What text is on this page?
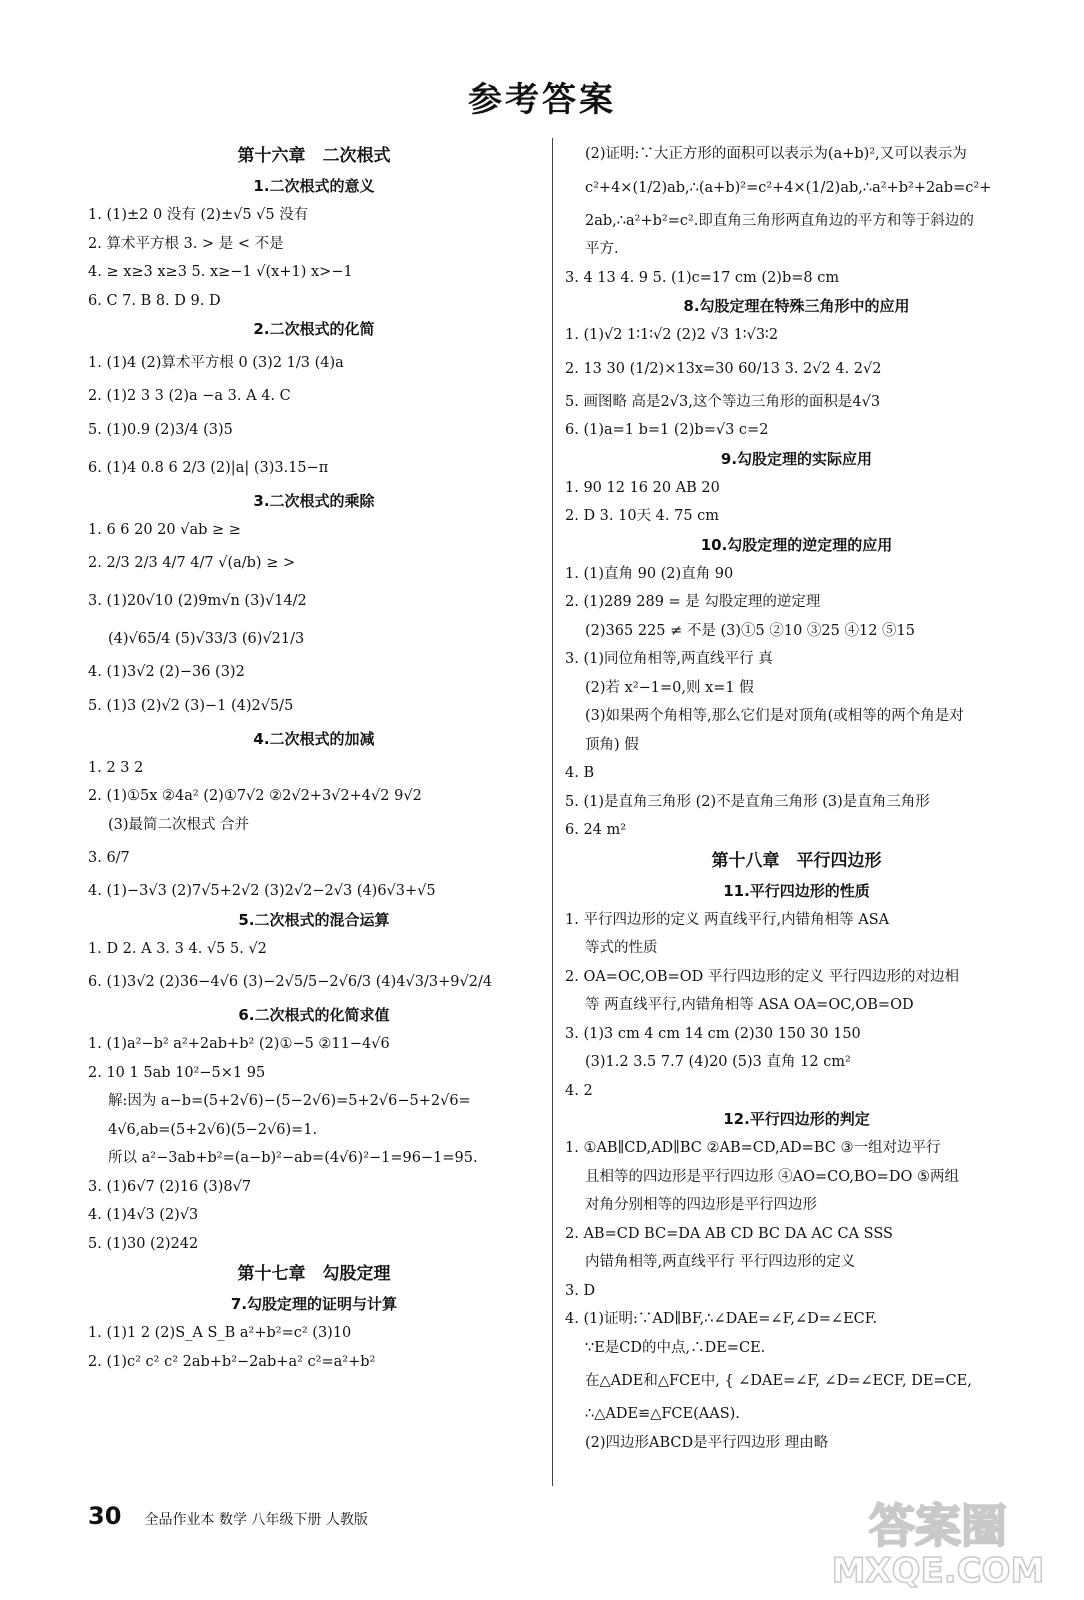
参考答案
第十六章　二次根式
1.二次根式的意义
1. (1)±2 0 没有 (2)±√5 √5 没有
2. 算术平方根 3. > 是 < 不是
4. ≥ x≥3 x≥3 5. x≥−1 √(x+1) x>−1
6. C 7. B 8. D 9. D
2.二次根式的化简
1. (1)4 (2)算术平方根 0 (3)2 1/3 (4)a
2. (1)2 3 3 (2)a −a 3. A 4. C
5. (1)0.9 (2)3/4 (3)5
6. (1)4 0.8 6 2/3 (2)|a| (3)3.15−π
3.二次根式的乘除
1. 6 6 20 20 √ab ≥ ≥
2. 2/3 2/3 4/7 4/7 √(a/b) ≥ >
3. (1)20√10 (2)9m√n (3)√14/2
(4)√65/4 (5)√33/3 (6)√21/3
4. (1)3√2 (2)−36 (3)2
5. (1)3 (2)√2 (3)−1 (4)2√5/5
4.二次根式的加减
1. 2 3 2
2. (1)①5x ②4a² (2)①7√2 ②2√2+3√2+4√2 9√2
(3)最简二次根式 合并
3. 6/7
4. (1)−3√3 (2)7√5+2√2 (3)2√2−2√3 (4)6√3+√5
5.二次根式的混合运算
1. D 2. A 3. 3 4. √5 5. √2
6. (1)3√2 (2)36−4√6 (3)−2√5/5−2√6/3 (4)4√3/3+9√2/4
6.二次根式的化简求值
1. (1)a²−b² a²+2ab+b² (2)①−5 ②11−4√6
2. 10 1 5ab 10²−5×1 95
解:因为 a−b=(5+2√6)−(5−2√6)=5+2√6−5+2√6=
4√6,ab=(5+2√6)(5−2√6)=1.
所以 a²−3ab+b²=(a−b)²−ab=(4√6)²−1=96−1=95.
3. (1)6√7 (2)16 (3)8√7
4. (1)4√3 (2)√3
5. (1)30 (2)242
第十七章　勾股定理
7.勾股定理的证明与计算
1. (1)1 2 (2)S_A S_B a²+b²=c² (3)10
2. (1)c² c² c² 2ab+b²−2ab+a² c²=a²+b²
(2)证明:∵大正方形的面积可以表示为(a+b)²,又可以表示为
c²+4×(1/2)ab,∴(a+b)²=c²+4×(1/2)ab,∴a²+b²+2ab=c²+
2ab,∴a²+b²=c².即直角三角形两直角边的平方和等于斜边的
平方.
3. 4 13 4. 9 5. (1)c=17 cm (2)b=8 cm
8.勾股定理在特殊三角形中的应用
1. (1)√2 1∶1∶√2 (2)2 √3 1∶√3∶2
2. 13 30 (1/2)×13x=30 60/13 3. 2√2 4. 2√2
5. 画图略 高是2√3,这个等边三角形的面积是4√3
6. (1)a=1 b=1 (2)b=√3 c=2
9.勾股定理的实际应用
1. 90 12 16 20 AB 20
2. D 3. 10天 4. 75 cm
10.勾股定理的逆定理的应用
1. (1)直角 90 (2)直角 90
2. (1)289 289 = 是 勾股定理的逆定理
(2)365 225 ≠ 不是 (3)①5 ②10 ③25 ④12 ⑤15
3. (1)同位角相等,两直线平行 真
(2)若 x²−1=0,则 x=1 假
(3)如果两个角相等,那么它们是对顶角(或相等的两个角是对
顶角) 假
4. B
5. (1)是直角三角形 (2)不是直角三角形 (3)是直角三角形
6. 24 m²
第十八章　平行四边形
11.平行四边形的性质
1. 平行四边形的定义 两直线平行,内错角相等 ASA
等式的性质
2. OA=OC,OB=OD 平行四边形的定义 平行四边形的对边相
等 两直线平行,内错角相等 ASA OA=OC,OB=OD
3. (1)3 cm 4 cm 14 cm (2)30 150 30 150
(3)1.2 3.5 7.7 (4)20 (5)3 直角 12 cm²
4. 2
12.平行四边形的判定
1. ①AB∥CD,AD∥BC ②AB=CD,AD=BC ③一组对边平行
且相等的四边形是平行四边形 ④AO=CO,BO=DO ⑤两组
对角分别相等的四边形是平行四边形
2. AB=CD BC=DA AB CD BC DA AC CA SSS
内错角相等,两直线平行 平行四边形的定义
3. D
4. (1)证明:∵AD∥BF,∴∠DAE=∠F,∠D=∠ECF.
∵E是CD的中点,∴DE=CE.
在△ADE和△FCE中, { ∠DAE=∠F, ∠D=∠ECF, DE=CE,
∴△ADE≌△FCE(AAS).
(2)四边形ABCD是平行四边形 理由略
30 全品作业本 数学 八年级下册 人教版	答案圈
MXQE.COM
